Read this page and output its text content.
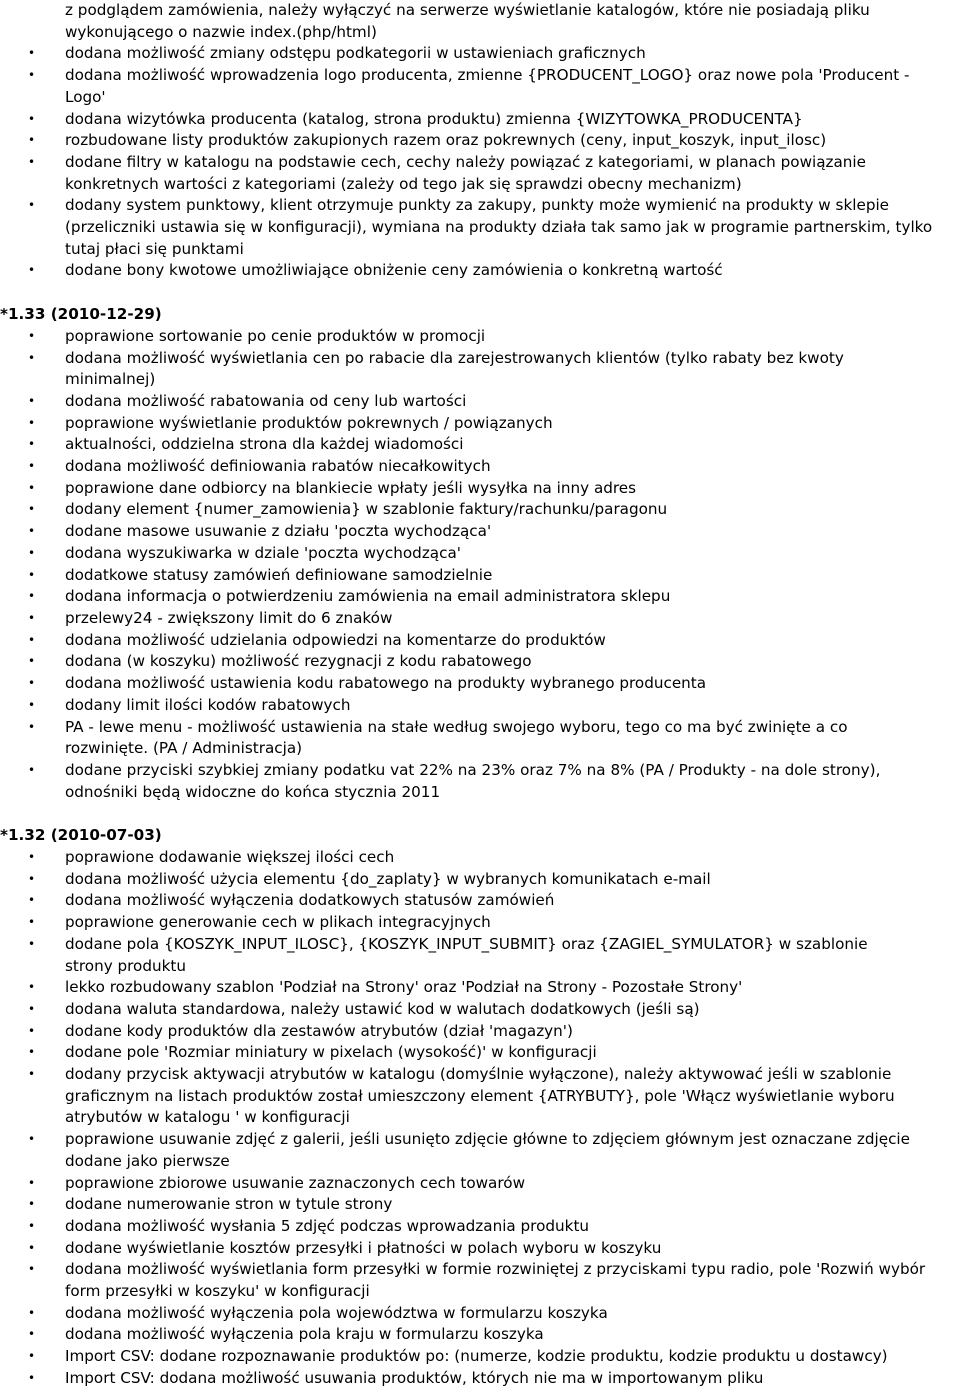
z podglądem zamówienia, należy wyłączyć na serwerze wyświetlanie katalogów, które nie posiadają pliku
wykonującego o nazwie index.(php/html)
• dodana możliwość zmiany odstępu podkategorii w ustawieniach graficznych
• dodana możliwość wprowadzenia logo producenta, zmienne {PRODUCENT_LOGO} oraz nowe pola 'Producent -
Logo'
• dodana wizytówka producenta (katalog, strona produktu) zmienna {WIZYTOWKA_PRODUCENTA}
• rozbudowane listy produktów zakupionych razem oraz pokrewnych (ceny, input_koszyk, input_ilosc)
• dodane filtry w katalogu na podstawie cech, cechy należy powiązać z kategoriami, w planach powiązanie
konkretnych wartości z kategoriami (zależy od tego jak się sprawdzi obecny mechanizm)
• dodany system punktowy, klient otrzymuje punkty za zakupy, punkty może wymienić na produkty w sklepie
(przeliczniki ustawia się w konfiguracji), wymiana na produkty działa tak samo jak w programie partnerskim, tylko
tutaj płaci się punktami
• dodane bony kwotowe umożliwiające obniżenie ceny zamówienia o konkretną wartość
*1.33 (2010-12-29)
• poprawione sortowanie po cenie produktów w promocji
• dodana możliwość wyświetlania cen po rabacie dla zarejestrowanych klientów (tylko rabaty bez kwoty
minimalnej)
• dodana możliwość rabatowania od ceny lub wartości
• poprawione wyświetlanie produktów pokrewnych / powiązanych
• aktualności, oddzielna strona dla każdej wiadomości
• dodana możliwość definiowania rabatów niecałkowitych
• poprawione dane odbiorcy na blankiecie wpłaty jeśli wysyłka na inny adres
• dodany element {numer_zamowienia} w szablonie faktury/rachunku/paragonu
• dodane masowe usuwanie z działu 'poczta wychodząca'
• dodana wyszukiwarka w dziale 'poczta wychodząca'
• dodatkowe statusy zamówień definiowane samodzielnie
• dodana informacja o potwierdzeniu zamówienia na email administratora sklepu
• przelewy24 - zwiększony limit do 6 znaków
• dodana możliwość udzielania odpowiedzi na komentarze do produktów
• dodana (w koszyku) możliwość rezygnacji z kodu rabatowego
• dodana możliwość ustawienia kodu rabatowego na produkty wybranego producenta
• dodany limit ilości kodów rabatowych
• PA - lewe menu - możliwość ustawienia na stałe według swojego wyboru, tego co ma być zwinięte a co
rozwinięte. (PA / Administracja)
• dodane przyciski szybkiej zmiany podatku vat 22% na 23% oraz 7% na 8% (PA / Produkty - na dole strony),
odnośniki będą widoczne do końca stycznia 2011
*1.32 (2010-07-03)
• poprawione dodawanie większej ilości cech
• dodana możliwość użycia elementu {do_zaplaty} w wybranych komunikatach e-mail
• dodana możliwość wyłączenia dodatkowych statusów zamówień
• poprawione generowanie cech w plikach integracyjnych
• dodane pola {KOSZYK_INPUT_ILOSC}, {KOSZYK_INPUT_SUBMIT} oraz {ZAGIEL_SYMULATOR} w szablonie
strony produktu
• lekko rozbudowany szablon 'Podział na Strony' oraz 'Podział na Strony - Pozostałe Strony'
• dodana waluta standardowa, należy ustawić kod w walutach dodatkowych (jeśli są)
• dodane kody produktów dla zestawów atrybutów (dział 'magazyn')
• dodane pole 'Rozmiar miniatury w pixelach (wysokość)' w konfiguracji
• dodany przycisk aktywacji atrybutów w katalogu (domyślnie wyłączone), należy aktywować jeśli w szablonie
graficznym na listach produktów został umieszczony element {ATRYBUTY}, pole 'Włącz wyświetlanie wyboru
atrybutów w katalogu ' w konfiguracji
• poprawione usuwanie zdjęć z galerii, jeśli usunięto zdjęcie główne to zdjęciem głównym jest oznaczane zdjęcie
dodane jako pierwsze
• poprawione zbiorowe usuwanie zaznaczonych cech towarów
• dodane numerowanie stron w tytule strony
• dodana możliwość wysłania 5 zdjęć podczas wprowadzania produktu
• dodane wyświetlanie kosztów przesyłki i płatności w polach wyboru w koszyku
• dodana możliwość wyświetlania form przesyłki w formie rozwiniętej z przyciskami typu radio, pole 'Rozwiń wybór
form przesyłki w koszyku' w konfiguracji
• dodana możliwość wyłączenia pola województwa w formularzu koszyka
• dodana możliwość wyłączenia pola kraju w formularzu koszyka
• Import CSV: dodane rozpoznawanie produktów po: (numerze, kodzie produktu, kodzie produktu u dostawcy)
• Import CSV: dodana możliwość usuwania produktów, których nie ma w importowanym pliku
